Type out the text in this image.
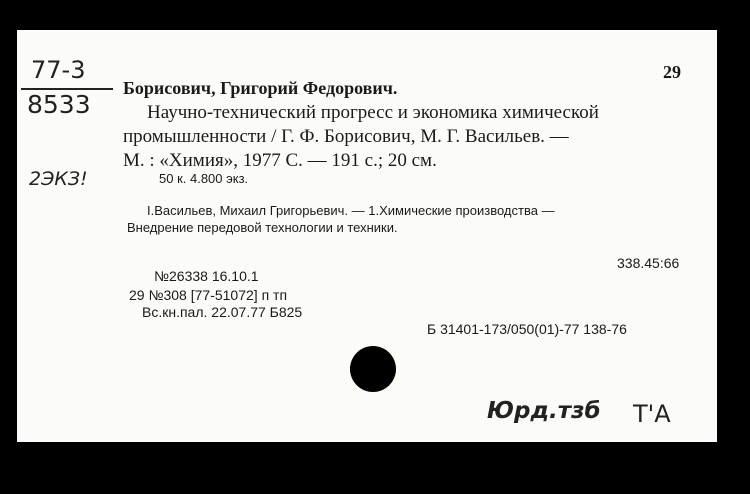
77-3
8533
2ЭКЗ!
29
Борисович, Григорий Федорович.
Научно-технический прогресс и экономика химической
промышленности / Г. Ф. Борисович, М. Г. Васильев. —
М. : «Химия», 1977 С. — 191 с.; 20 см.
50 к. 4.800 экз.
I.Васильев, Михаил Григорьевич. — 1.Химические производства —
Внедрение передовой технологии и техники.
338.45:66
№26338 16.10.1
29 №308 [77-51072] п тп
Вс.кн.пал. 22.07.77 Б825
Б 31401-173/050(01)-77 138-76
Юрд.тзб Т'А
